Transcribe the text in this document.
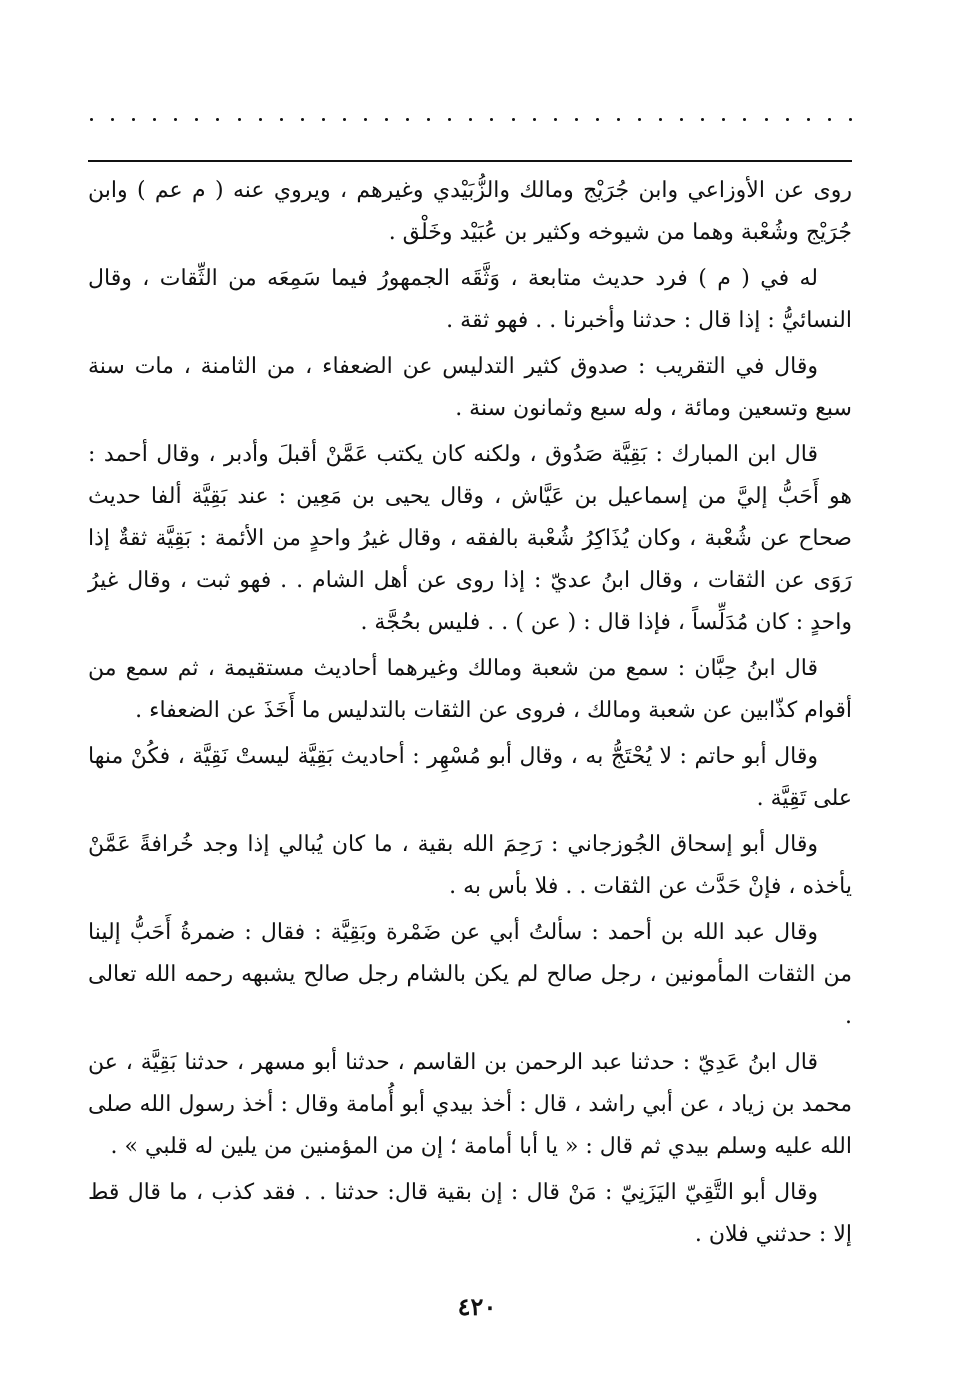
روى عن الأوزاعي وابن جُرَيْج ومالك والزُّبَيْدي وغيرهم ، ويروي عنه ( م عم ) وابن جُرَيْج وشُعْبة وهما من شيوخه وكثير بن عُبَيْد وخَلْق .

له في ( م ) فرد حديث متابعة ، وَثَّقَه الجمهورُ فيما سَمِعَه من الثِّقات ، وقال النسائيُّ : إذا قال : حدثنا وأخبرنا . . فهو ثقة .

وقال في التقريب : صدوق كثير التدليس عن الضعفاء ، من الثامنة ، مات سنة سبع وتسعين ومائة ، وله سبع وثمانون سنة .

قال ابن المبارك : بَقِيَّة صَدُوق ، ولكنه كان يكتب عَمَّنْ أقبلَ وأدبر ، وقال أحمد : هو أَحَبُّ إليَّ من إسماعيل بن عَيَّاش ، وقال يحيى بن مَعِين : عند بَقِيَّة ألفا حديث صحاح عن شُعْبة ، وكان يُذَاكِرُ شُعْبة بالفقه ، وقال غيرُ واحدٍ من الأئمة : بَقِيَّة ثقةٌ إذا رَوَى عن الثقات ، وقال ابنُ عديّ : إذا روى عن أهل الشام . . فهو ثبت ، وقال غيرُ واحدٍ : كان مُدَلِّساً ، فإذا قال : ( عن ) . . فليس بحُجَّة .

قال ابنُ حِبَّان : سمع من شعبة ومالك وغيرهما أحاديث مستقيمة ، ثم سمع من أقوام كذّابين عن شعبة ومالك ، فروى عن الثقات بالتدليس ما أَخَذَ عن الضعفاء .

وقال أبو حاتم : لا يُحْتَجُّ به ، وقال أبو مُسْهِر : أحاديث بَقِيَّة ليستْ نَقِيَّة ، فكُنْ منها على تَقِيَّة .

وقال أبو إسحاق الجُوزجاني : رَحِمَ الله بقية ، ما كان يُبالي إذا وجد خُرافةً عَمَّنْ يأخذه ، فإنْ حَدَّث عن الثقات . . فلا بأس به .

وقال عبد الله بن أحمد : سألتُ أبي عن ضَمْرة وبَقِيَّة : فقال : ضمرةُ أَحَبُّ إلينا من الثقات المأمونين ، رجل صالح لم يكن بالشام رجل صالح يشبهه رحمه الله تعالى .

قال ابنُ عَدِيّ : حدثنا عبد الرحمن بن القاسم ، حدثنا أبو مسهر ، حدثنا بَقِيَّة ، عن محمد بن زياد ، عن أبي راشد ، قال : أخذ بيدي أبو أُمامة وقال : أخذ رسول الله صلى الله عليه وسلم بيدي ثم قال : « يا أبا أمامة ؛ إن من المؤمنين من يلين له قلبي » .

وقال أبو التَّقِيّ اليَزَنِيّ : مَنْ قال : إن بقية قال: حدثنا . . فقد كذب ، ما قال قط إلا : حدثني فلان .

٤٢٠
